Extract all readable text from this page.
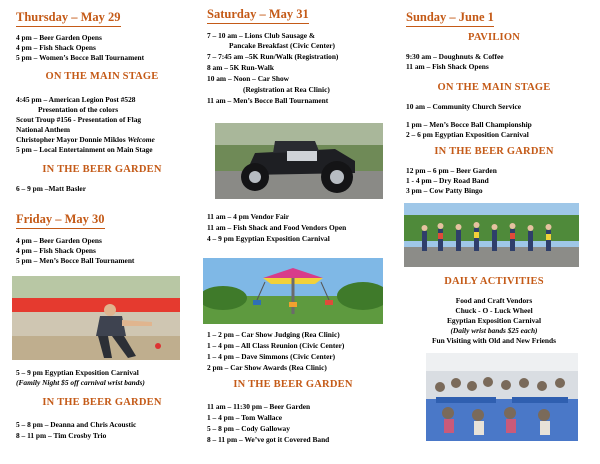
Thursday – May 29
4 pm – Beer Garden Opens
4 pm – Fish Shack Opens
5 pm – Women’s Bocce Ball Tournament
ON THE MAIN STAGE
4:45 pm – American Legion Post #528
Presentation of the colors
Scout Troup #156 - Presentation of Flag
National Anthem
Christopher Mayor Donnie Miklos Welcome
5 pm – Local Entertainment on Main Stage
IN THE BEER GARDEN
6 – 9 pm –Matt Basler
Friday – May 30
4 pm – Beer Garden Opens
4 pm – Fish Shack Opens
5 pm – Men’s Bocce Ball Tournament
5 – 9 pm Egyptian Exposition Carnival
(Family Night $5 off carnival wrist bands)
IN THE BEER GARDEN
5 – 8 pm – Deanna and Chris Acoustic
8 – 11 pm – Tim Crosby Trio
Saturday – May 31
7 – 10 am – Lions Club Sausage &
Pancake Breakfast (Civic Center)
7 – 7:45 am –5K Run/Walk (Registration)
8 am – 5K Run-Walk
10 am – Noon – Car Show
(Registration at Rea Clinic)
11 am – Men’s Bocce Ball Tournament
11 am – 4 pm Vendor Fair
11 am – Fish Shack and Food Vendors Open
4 – 9 pm Egyptian Exposition Carnival
1 – 2 pm – Car Show Judging (Rea Clinic)
1 – 4 pm – All Class Reunion (Civic Center)
1 – 4 pm – Dave Simmons (Civic Center)
2 pm – Car Show Awards (Rea Clinic)
IN THE BEER GARDEN
11 am – 11:30 pm – Beer Garden
1 – 4 pm – Tom Wallace
5 – 8 pm – Cody Galloway
8 – 11 pm – We’ve got it Covered Band
Sunday – June 1
PAVILION
9:30 am – Doughnuts & Coffee
11 am – Fish Shack Opens
ON THE MAIN STAGE
10 am – Community Church Service
1 pm – Men’s Bocce Ball Championship
2 – 6 pm Egyptian Exposition Carnival
IN THE BEER GARDEN
12 pm – 6 pm – Beer Garden
1 - 4 pm – Dry Road Band
3 pm – Cow Patty Bingo
DAILY ACTIVITIES
Food and Craft Vendors
Chuck - O - Luck Wheel
Egyptian Exposition Carnival
(Daily wrist bands $25 each)
Fun Visiting with Old and New Friends
